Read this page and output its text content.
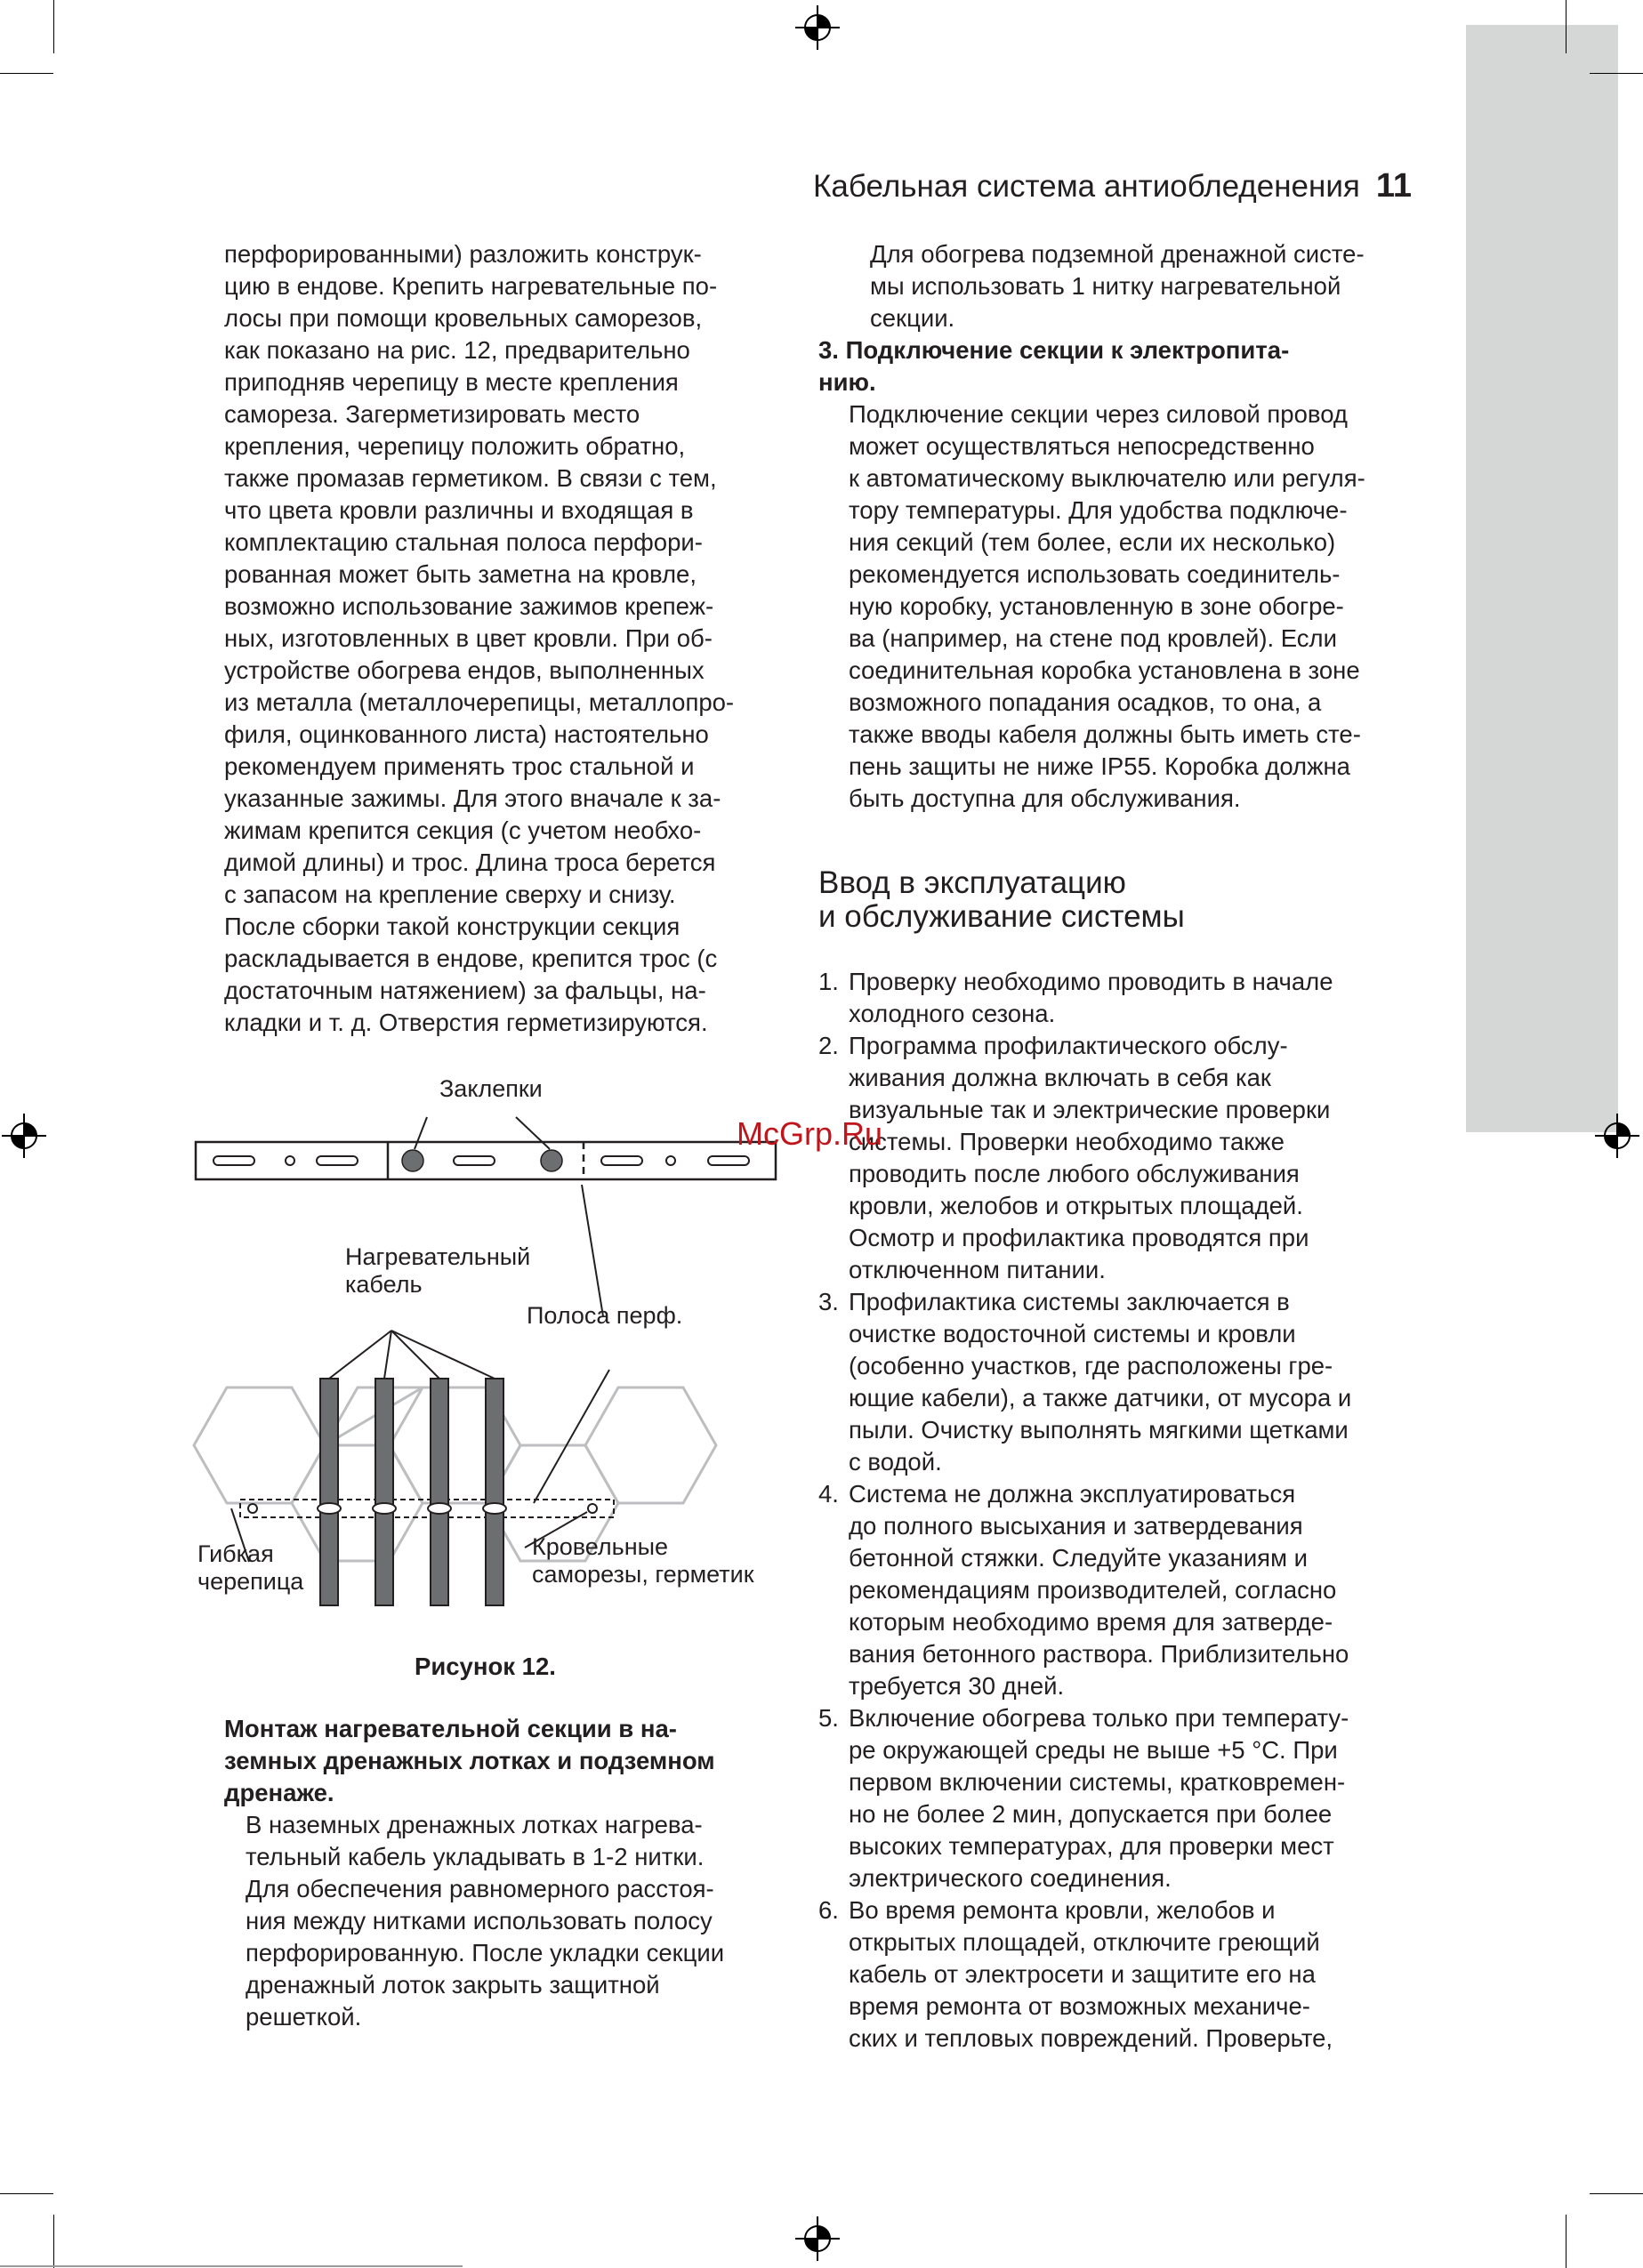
Кабельная система антиобледенения 11

перфорированными) разложить конструк-
цию в ендове. Крепить нагревательные по-
лосы при помощи кровельных саморезов,
как показано на рис. 12, предварительно
приподняв черепицу в месте крепления
самореза. Загерметизировать место
крепления, черепицу положить обратно,
также промазав герметиком. В связи с тем,
что цвета кровли различны и входящая в
комплектацию стальная полоса перфори-
рованная может быть заметна на кровле,
возможно использование зажимов крепеж-
ных, изготовленных в цвет кровли. При об-
устройстве обогрева ендов, выполненных
из металла (металлочерепицы, металлопро-
филя, оцинкованного листа) настоятельно
рекомендуем применять трос стальной и
указанные зажимы. Для этого вначале к за-
жимам крепится секция (с учетом необхо-
димой длины) и трос. Длина троса берется
с запасом на крепление сверху и снизу.
После сборки такой конструкции секция
раскладывается в ендове, крепится трос (с
достаточным натяжением) за фальцы, на-
кладки и т. д. Отверстия герметизируются.

Заклепки
Нагревательный
кабель
Полоса перф.
Гибкая
черепица
Кровельные
саморезы, герметик
Рисунок 12.

Монтаж нагревательной секции в на-
земных дренажных лотках и подземном
дренаже.

В наземных дренажных лотках нагрева-
тельный кабель укладывать в 1-2 нитки.
Для обеспечения равномерного расстоя-
ния между нитками использовать полосу
перфорированную. После укладки секции
дренажный лоток закрыть защитной
решеткой.

Для обогрева подземной дренажной систе-
мы использовать 1 нитку нагревательной
секции.

3. Подключение секции к электропита-
нию.

Подключение секции через силовой провод
может осуществляться непосредственно
к автоматическому выключателю или регуля-
тору температуры. Для удобства подключе-
ния секций (тем более, если их несколько)
рекомендуется использовать соединитель-
ную коробку, установленную в зоне обогре-
ва (например, на стене под кровлей). Если
соединительная коробка установлена в зоне
возможного попадания осадков, то она, а
также вводы кабеля должны быть иметь сте-
пень защиты не ниже IP55. Коробка должна
быть доступна для обслуживания.

Ввод в эксплуатацию
и обслуживание системы

1. Проверку необходимо проводить в начале
холодного сезона.
2. Программа профилактического обслу-
живания должна включать в себя как
визуальные так и электрические проверки
системы. Проверки необходимо также
проводить после любого обслуживания
кровли, желобов и открытых площадей.
Осмотр и профилактика проводятся при
отключенном питании.
3. Профилактика системы заключается в
очистке водосточной системы и кровли
(особенно участков, где расположены гре-
ющие кабели), а также датчики, от мусора и
пыли. Очистку выполнять мягкими щетками
с водой.
4. Система не должна эксплуатироваться
до полного высыхания и затвердевания
бетонной стяжки. Следуйте указаниям и
рекомендациям производителей, согласно
которым необходимо время для затверде-
вания бетонного раствора. Приблизительно
требуется 30 дней.
5. Включение обогрева только при температу-
ре окружающей среды не выше +5 °С. При
первом включении системы, кратковремен-
но не более 2 мин, допускается при более
высоких температурах, для проверки мест
электрического соединения.
6. Во время ремонта кровли, желобов и
открытых площадей, отключите греющий
кабель от электросети и защитите его на
время ремонта от возможных механиче-
ских и тепловых повреждений. Проверьте,
McGrp.Ru
